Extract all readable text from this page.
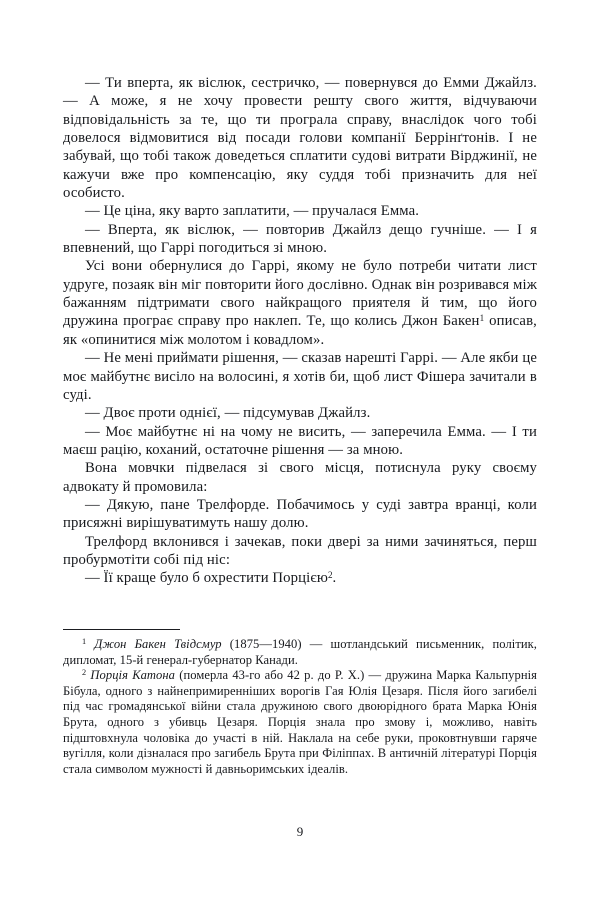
— Ти вперта, як віслюк, сестричко, — повернувся до Емми Джайлз. — А може, я не хочу провести решту свого життя, відчуваючи відповідальність за те, що ти програла справу, внаслідок чого тобі довелося відмовитися від посади голови компанії Беррінґтонів. І не забувай, що тобі також доведеться сплатити судові витрати Вірджинії, не кажучи вже про компенсацію, яку суддя тобі призначить для неї особисто.

— Це ціна, яку варто заплатити, — пручалася Емма.

— Вперта, як віслюк, — повторив Джайлз дещо гучніше. — І я впевнений, що Гаррі погодиться зі мною.

Усі вони обернулися до Гаррі, якому не було потреби читати лист удруге, позаяк він міг повторити його дослівно. Однак він розривався між бажанням підтримати свого найкращого приятеля й тим, що його дружина програє справу про наклеп. Те, що колись Джон Бакен$^1$ описав, як «опинитися між молотом і ковадлом».

— Не мені приймати рішення, — сказав нарешті Гаррі. — Але якби це моє майбутнє висіло на волосині, я хотів би, щоб лист Фішера зачитали в суді.

— Двоє проти однієї, — підсумував Джайлз.

— Моє майбутнє ні на чому не висить, — заперечила Емма. — І ти маєш рацію, коханий, остаточне рішення — за мною.

Вона мовчки підвелася зі свого місця, потиснула руку своєму адвокату й промовила:

— Дякую, пане Трелфорде. Побачимось у суді завтра вранці, коли присяжні вирішуватимуть нашу долю.

Трелфорд вклонився і зачекав, поки двері за ними зачиняться, перш пробурмотіти собі під ніс:

— Її краще було б охрестити Порцією$^2$.

$^1$ Джон Бакен Твідсмур (1875—1940) — шотландський письменник, політик, дипломат, 15-й генерал-губернатор Канади.

$^2$ Порція Катона (померла 43-го або 42 р. до Р. Х.) — дружина Марка Кальпурнія Бібула, одного з найнепримиренніших ворогів Гая Юлія Цезаря. Після його загибелі під час громадянської війни стала дружиною свого двоюрідного брата Марка Юнія Брута, одного з убивць Цезаря. Порція знала про змову і, можливо, навіть підштовхнула чоловіка до участі в ній. Наклала на себе руки, проковтнувши гаряче вугілля, коли дізналася про загибель Брута при Філіппах. В античній літературі Порція стала символом мужності й давньоримських ідеалів.

9
